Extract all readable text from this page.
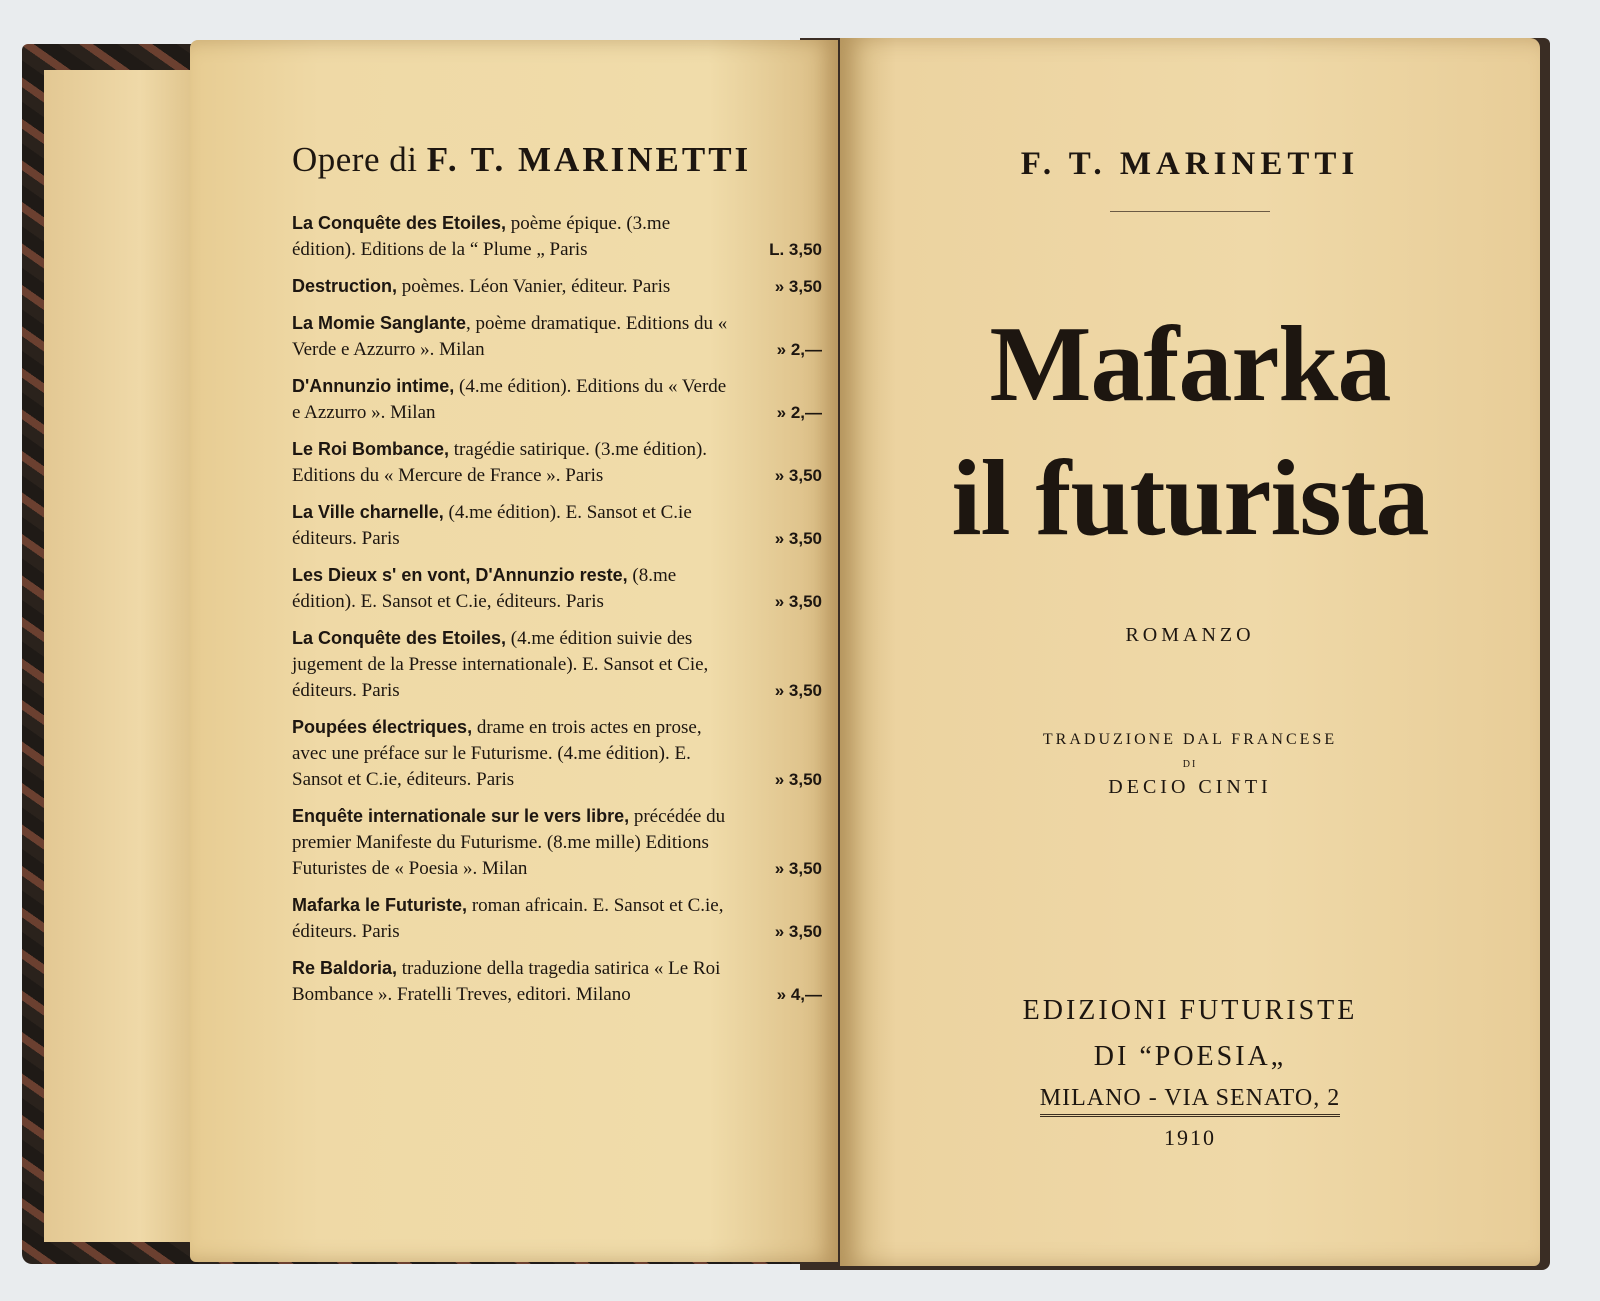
Opere di F. T. MARINETTI
La Conquête des Etoiles, poème épique. (3.me édition). Editions de la “ Plume „ Paris	L. 3,50
Destruction, poèmes. Léon Vanier, éditeur. Paris	» 3,50
La Momie Sanglante, poème dramatique. Editions du « Verde e Azzurro ». Milan	» 2,—
D'Annunzio intime, (4.me édition). Editions du « Verde e Azzurro ». Milan	» 2,—
Le Roi Bombance, tragédie satirique. (3.me édition). Editions du « Mercure de France ». Paris	» 3,50
La Ville charnelle, (4.me édition). E. Sansot et C.ie éditeurs. Paris	» 3,50
Les Dieux s' en vont, D'Annunzio reste, (8.me édition). E. Sansot et C.ie, éditeurs. Paris	» 3,50
La Conquête des Etoiles, (4.me édition suivie des jugement de la Presse internationale). E. Sansot et Cie, éditeurs. Paris	» 3,50
Poupées électriques, drame en trois actes en prose, avec une préface sur le Futurisme. (4.me édition). E. Sansot et C.ie, éditeurs. Paris	» 3,50
Enquête internationale sur le vers libre, précédée du premier Manifeste du Futurisme. (8.me mille) Editions Futuristes de « Poesia ». Milan	» 3,50
Mafarka le Futuriste, roman africain. E. Sansot et C.ie, éditeurs. Paris	» 3,50
Re Baldoria, traduzione della tragedia satirica « Le Roi Bombance ». Fratelli Treves, editori. Milano	» 4,—
F. T. MARINETTI
Mafarka
il futurista
ROMANZO
TRADUZIONE DAL FRANCESE
DI
DECIO CINTI
EDIZIONI FUTURISTE
DI “POESIA„
MILANO - VIA SENATO, 2
1910
